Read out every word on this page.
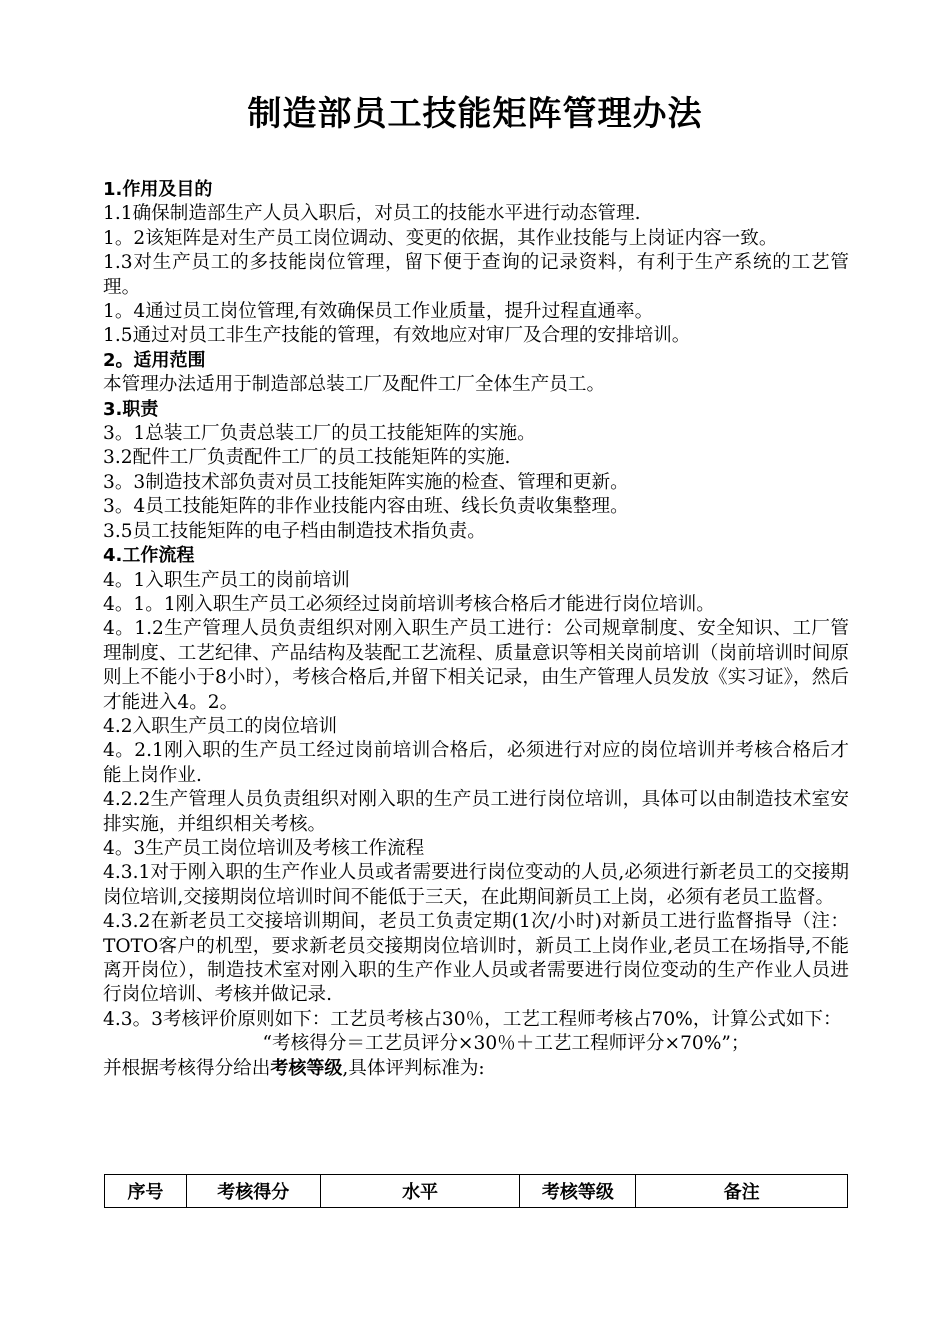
制造部员工技能矩阵管理办法

1.作用及目的

1.1确保制造部生产人员入职后，对员工的技能水平进行动态管理.

1。2该矩阵是对生产员工岗位调动、变更的依据，其作业技能与上岗证内容一致。

1.3对生产员工的多技能岗位管理，留下便于查询的记录资料，有利于生产系统的工艺管理。

1。4通过员工岗位管理,有效确保员工作业质量，提升过程直通率。

1.5通过对员工非生产技能的管理，有效地应对审厂及合理的安排培训。

2。适用范围

本管理办法适用于制造部总装工厂及配件工厂全体生产员工。

3.职责

3。1总装工厂负责总装工厂的员工技能矩阵的实施。

3.2配件工厂负责配件工厂的员工技能矩阵的实施.

3。3制造技术部负责对员工技能矩阵实施的检查、管理和更新。

3。4员工技能矩阵的非作业技能内容由班、线长负责收集整理。

3.5员工技能矩阵的电子档由制造技术指负责。

4.工作流程

4。1入职生产员工的岗前培训

4。1。1刚入职生产员工必须经过岗前培训考核合格后才能进行岗位培训。

4。1.2生产管理人员负责组织对刚入职生产员工进行：公司规章制度、安全知识、工厂管理制度、工艺纪律、产品结构及装配工艺流程、质量意识等相关岗前培训（岗前培训时间原则上不能小于8小时），考核合格后,并留下相关记录，由生产管理人员发放《实习证》，然后才能进入4。2。

4.2入职生产员工的岗位培训

4。2.1刚入职的生产员工经过岗前培训合格后，必须进行对应的岗位培训并考核合格后才能上岗作业.

4.2.2生产管理人员负责组织对刚入职的生产员工进行岗位培训，具体可以由制造技术室安排实施，并组织相关考核。

4。3生产员工岗位培训及考核工作流程

4.3.1对于刚入职的生产作业人员或者需要进行岗位变动的人员,必须进行新老员工的交接期岗位培训,交接期岗位培训时间不能低于三天，在此期间新员工上岗，必须有老员工监督。

4.3.2在新老员工交接培训期间，老员工负责定期(1次/小时)对新员工进行监督指导（注：TOTO客户的机型，要求新老员交接期岗位培训时，新员工上岗作业,老员工在场指导,不能离开岗位），制造技术室对刚入职的生产作业人员或者需要进行岗位变动的生产作业人员进行岗位培训、考核并做记录.

4.3。3考核评价原则如下：工艺员考核占30％，工艺工程师考核占70%，计算公式如下：

“考核得分＝工艺员评分×30％＋工艺工程师评分×70%”；

并根据考核得分给出考核等级,具体评判标准为:

序号	考核得分	水平	考核等级	备注
